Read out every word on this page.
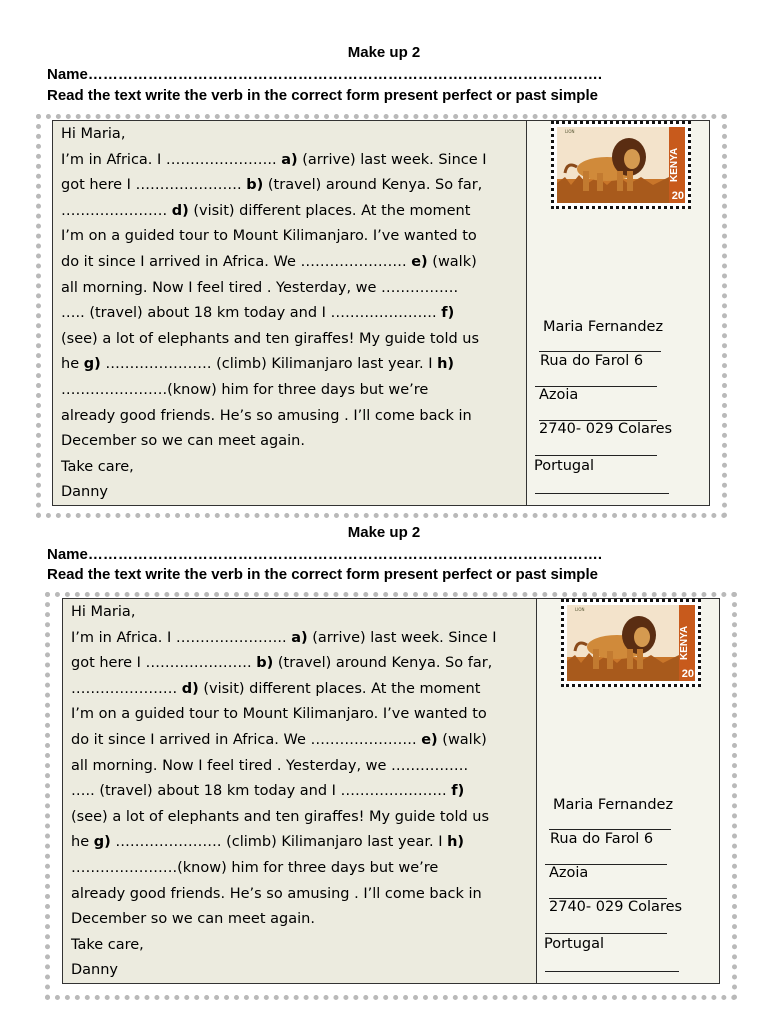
Make up 2
Name………………………………………………………………………………………….
Read the text write the verb in the correct form present perfect or past simple

Hi Maria,

I’m in Africa. I ………………….. a) (arrive) last week. Since I

got here I …………………. b) (travel) around Kenya. So far,

…………………. d) (visit) different places. At the moment

I’m on a guided tour to Mount Kilimanjaro. I’ve wanted to

do it since I arrived in Africa. We …………………. e) (walk)

all morning. Now I feel tired . Yesterday, we …………….

….. (travel) about 18 km today and I …………………. f)

(see) a lot of elephants and ten giraffes! My guide told us

he g) …………………. (climb) Kilimanjaro last year. I h)

………………….(know) him for three days but we’re

already good friends. He’s so amusing . I’ll come back in

December so we can meet again.

Take care,

Danny

LION
KENYA
20
Maria Fernandez
Rua do Farol 6
Azoia
2740- 029 Colares
Portugal
Make up 2
Name………………………………………………………………………………………….
Read the text write the verb in the correct form present perfect or past simple

Hi Maria,

I’m in Africa. I ………………….. a) (arrive) last week. Since I

got here I …………………. b) (travel) around Kenya. So far,

…………………. d) (visit) different places. At the moment

I’m on a guided tour to Mount Kilimanjaro. I’ve wanted to

do it since I arrived in Africa. We …………………. e) (walk)

all morning. Now I feel tired . Yesterday, we …………….

….. (travel) about 18 km today and I …………………. f)

(see) a lot of elephants and ten giraffes! My guide told us

he g) …………………. (climb) Kilimanjaro last year. I h)

………………….(know) him for three days but we’re

already good friends. He’s so amusing . I’ll come back in

December so we can meet again.

Take care,

Danny

LION
KENYA
20
Maria Fernandez
Rua do Farol 6
Azoia
2740- 029 Colares
Portugal
